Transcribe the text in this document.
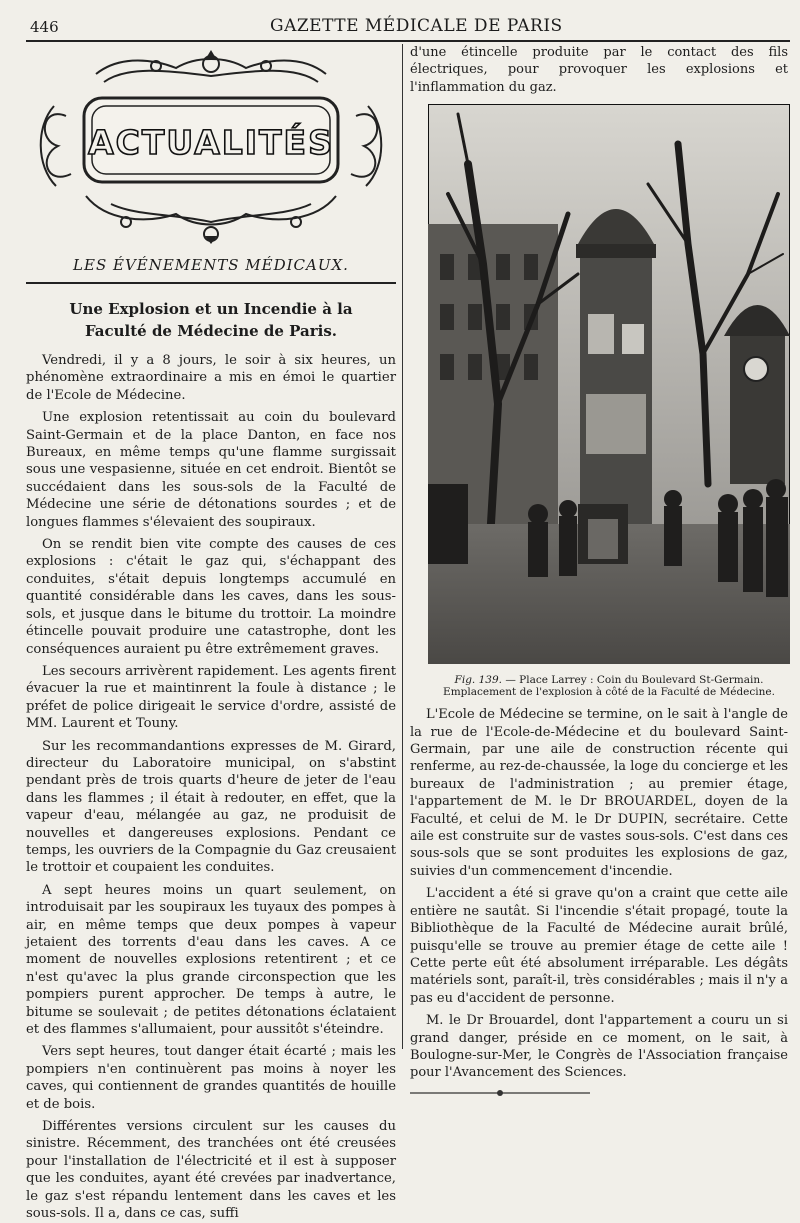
446	GAZETTE MÉDICALE DE PARIS
ACTUALITÉS
LES ÉVÉNEMENTS MÉDICAUX.
Une Explosion et un Incendie à la Faculté de Médecine de Paris.

Vendredi, il y a 8 jours, le soir à six heures, un phénomène extraordinaire a mis en émoi le quartier de l'Ecole de Médecine.

Une explosion retentissait au coin du boulevard Saint-Germain et de la place Danton, en face nos Bureaux, en même temps qu'une flamme surgissait sous une vespasienne, située en cet endroit. Bientôt se succédaient dans les sous-sols de la Faculté de Médecine une série de détonations sourdes ; et de longues flammes s'élevaient des soupiraux.

On se rendit bien vite compte des causes de ces explosions : c'était le gaz qui, s'échappant des conduites, s'était depuis longtemps accumulé en quantité considérable dans les caves, dans les sous-sols, et jusque dans le bitume du trottoir. La moindre étincelle pouvait produire une catastrophe, dont les conséquences auraient pu être extrêmement graves.

Les secours arrivèrent rapidement. Les agents firent évacuer la rue et maintinrent la foule à distance ; le préfet de police dirigeait le service d'ordre, assisté de MM. Laurent et Touny.

Sur les recommandantions expresses de M. Girard, directeur du Laboratoire municipal, on s'abstint pendant près de trois quarts d'heure de jeter de l'eau dans les flammes ; il était à redouter, en effet, que la vapeur d'eau, mélangée au gaz, ne produisit de nouvelles et dangereuses explosions. Pendant ce temps, les ouvriers de la Compagnie du Gaz creusaient le trottoir et coupaient les conduites.

A sept heures moins un quart seulement, on introduisait par les soupiraux les tuyaux des pompes à air, en même temps que deux pompes à vapeur jetaient des torrents d'eau dans les caves. A ce moment de nouvelles explosions retentirent ; et ce n'est qu'avec la plus grande circonspection que les pompiers purent approcher. De temps à autre, le bitume se soulevait ; de petites détonations éclataient et des flammes s'allumaient, pour aussitôt s'éteindre.

Vers sept heures, tout danger était écarté ; mais les pompiers n'en continuèrent pas moins à noyer les caves, qui contiennent de grandes quantités de houille et de bois.

Différentes versions circulent sur les causes du sinistre. Récemment, des tranchées ont été creusées pour l'installation de l'électricité et il est à supposer que les conduites, ayant été crevées par inadvertance, le gaz s'est répandu lentement dans les caves et les sous-sols. Il a, dans ce cas, suffi

d'une étincelle produite par le contact des fils électriques, pour provoquer les explosions et l'inflammation du gaz.

Fig. 139. — Place Larrey : Coin du Boulevard St-Germain.
Emplacement de l'explosion à côté de la Faculté de Médecine.

L'Ecole de Médecine se termine, on le sait à l'angle de la rue de l'Ecole-de-Médecine et du boulevard Saint-Germain, par une aile de construction récente qui renferme, au rez-de-chaussée, la loge du concierge et les bureaux de l'administration ; au premier étage, l'appartement de M. le Dr BROUARDEL, doyen de la Faculté, et celui de M. le Dr DUPIN, secrétaire. Cette aile est construite sur de vastes sous-sols. C'est dans ces sous-sols que se sont produites les explosions de gaz, suivies d'un commencement d'incendie.

L'accident a été si grave qu'on a craint que cette aile entière ne sautât. Si l'incendie s'était propagé, toute la Bibliothèque de la Faculté de Médecine aurait brûlé, puisqu'elle se trouve au premier étage de cette aile ! Cette perte eût été absolument irréparable. Les dégâts matériels sont, paraît-il, très considérables ; mais il n'y a pas eu d'accident de personne.

M. le Dr Brouardel, dont l'appartement a couru un si grand danger, préside en ce moment, on le sait, à Boulogne-sur-Mer, le Congrès de l'Association française pour l'Avancement des Sciences.
